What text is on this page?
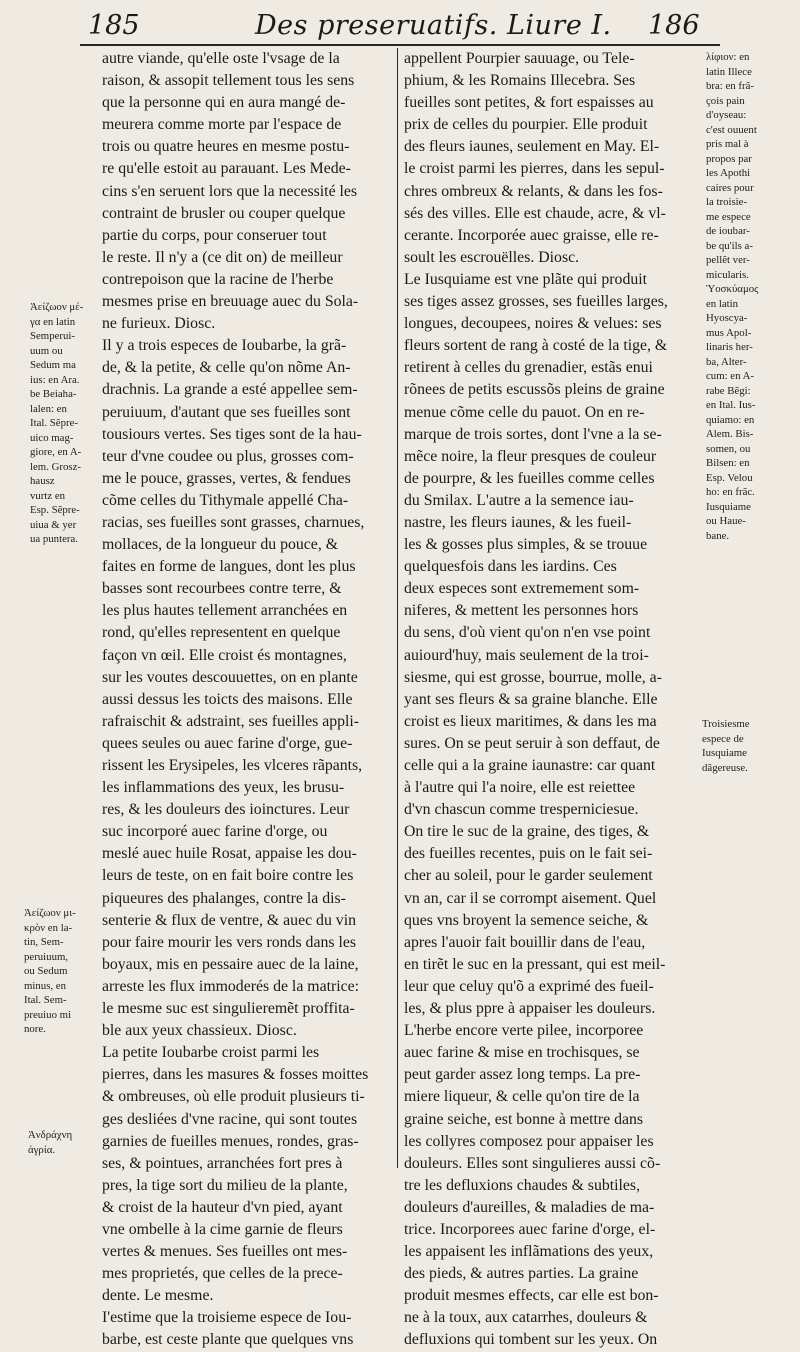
185	Des preseruatifs. Liure I. 186
Ἀείζωον μέ-
γα en latin
Semperui-
uum ou
Sedum ma
ius: en Ara.
be Beiaha-
lalen: en
Ital. Sẽpre-
uico mag-
giore, en A-
lem. Grosz-
hausz
vurtz en
Esp. Sẽpre-
uiua & yer
ua puntera.
Ἀείζωον μι-
κρὸν en la-
tin, Sem-
peruiuum,
ou Sedum
minus, en
Ital. Sem-
preuiuo mi
nore.
Ἀνδράχνη
ἀγρία.
autre viande, qu'elle oste l'vsage de la
raison, & assopit tellement tous les sens
que la personne qui en aura mangé de-
meurera comme morte par l'espace de
trois ou quatre heures en mesme postu-
re qu'elle estoit au parauant. Les Mede-
cins s'en seruent lors que la necessité les
contraint de brusler ou couper quelque
partie du corps, pour conseruer tout
le reste. Il n'y a (ce dit on) de meilleur
contrepoison que la racine de l'herbe
mesmes prise en breuuage auec du Sola-
ne furieux. Diosc.
Il y a trois especes de Ioubarbe, la grã-
de, & la petite, & celle qu'on nõme An-
drachnis. La grande a esté appellee sem-
peruiuum, d'autant que ses fueilles sont
tousiours vertes. Ses tiges sont de la hau-
teur d'vne coudee ou plus, grosses com-
me le pouce, grasses, vertes, & fendues
cõme celles du Tithymale appellé Cha-
racias, ses fueilles sont grasses, charnues,
mollaces, de la longueur du pouce, &
faites en forme de langues, dont les plus
basses sont recourbees contre terre, &
les plus hautes tellement arranchées en
rond, qu'elles representent en quelque
façon vn œil. Elle croist és montagnes,
sur les voutes descouuettes, on en plante
aussi dessus les toicts des maisons. Elle
rafraischit & adstraint, ses fueilles appli-
quees seules ou auec farine d'orge, gue-
rissent les Erysipeles, les vlceres rãpants,
les inflammations des yeux, les brusu-
res, & les douleurs des ioinctures. Leur
suc incorporé auec farine d'orge, ou
meslé auec huile Rosat, appaise les dou-
leurs de teste, on en fait boire contre les
piqueures des phalanges, contre la dis-
senterie & flux de ventre, & auec du vin
pour faire mourir les vers ronds dans les
boyaux, mis en pessaire auec de la laine,
arreste les flux immoderés de la matrice:
le mesme suc est singulieremẽt proffita-
ble aux yeux chassieux. Diosc.
La petite Ioubarbe croist parmi les
pierres, dans les masures & fosses moittes
& ombreuses, où elle produit plusieurs ti-
ges desliées d'vne racine, qui sont toutes
garnies de fueilles menues, rondes, gras-
ses, & pointues, arranchées fort pres à
pres, la tige sort du milieu de la plante,
& croist de la hauteur d'vn pied, ayant
vne ombelle à la cime garnie de fleurs
vertes & menues. Ses fueilles ont mes-
mes proprietés, que celles de la prece-
dente. Le mesme.
I'estime que la troisieme espece de Iou-
barbe, est ceste plante que quelques vns
appellent Pourpier sauuage, ou Tele-
phium, & les Romains Illecebra. Ses
fueilles sont petites, & fort espaisses au
prix de celles du pourpier. Elle produit
des fleurs iaunes, seulement en May. El-
le croist parmi les pierres, dans les sepul-
chres ombreux & relants, & dans les fos-
sés des villes. Elle est chaude, acre, & vl-
cerante. Incorporée auec graisse, elle re-
soult les escrouëlles. Diosc.
Le Iusquiame est vne plãte qui produit
ses tiges assez grosses, ses fueilles larges,
longues, decoupees, noires & velues: ses
fleurs sortent de rang à costé de la tige, &
retirent à celles du grenadier, estãs enui
rõnees de petits escussõs pleins de graine
menue cõme celle du pauot. On en re-
marque de trois sortes, dont l'vne a la se-
mẽce noire, la fleur presques de couleur
de pourpre, & les fueilles comme celles
du Smilax. L'autre a la semence iau-
nastre, les fleurs iaunes, & les fueil-
les & gosses plus simples, & se trouue
quelquesfois dans les iardins. Ces
deux especes sont extremement som-
niferes, & mettent les personnes hors
du sens, d'où vient qu'on n'en vse point
auiourd'huy, mais seulement de la troi-
siesme, qui est grosse, bourrue, molle, a-
yant ses fleurs & sa graine blanche. Elle
croist es lieux maritimes, & dans les ma
sures. On se peut seruir à son deffaut, de
celle qui a la graine iaunastre: car quant
à l'autre qui l'a noire, elle est reiettee
d'vn chascun comme tresperniciesue.
On tire le suc de la graine, des tiges, &
des fueilles recentes, puis on le fait sei-
cher au soleil, pour le garder seulement
vn an, car il se corrompt aisement. Quel
ques vns broyent la semence seiche, &
apres l'auoir fait bouillir dans de l'eau,
en tirẽt le suc en la pressant, qui est meil-
leur que celuy qu'õ a exprimé des fueil-
les, & plus ppre à appaiser les douleurs.
L'herbe encore verte pilee, incorporee
auec farine & mise en trochisques, se
peut garder assez long temps. La pre-
miere liqueur, & celle qu'on tire de la
graine seiche, est bonne à mettre dans
les collyres composez pour appaiser les
douleurs. Elles sont singulieres aussi cõ-
tre les defluxions chaudes & subtiles,
douleurs d'aureilles, & maladies de ma-
trice. Incorporees auec farine d'orge, el-
les appaisent les inflãmations des yeux,
des pieds, & autres parties. La graine
produit mesmes effects, car elle est bon-
ne à la toux, aux catarrhes, douleurs &
defluxions qui tombent sur les yeux. On
λίφιον: en
latin Illece
bra: en frã-
çois pain
d'oyseau:
c'est ouuent
pris mal à
propos par
les Apothi
caires pour
la troisie-
me espece
de ioubar-
be qu'ils a-
pellẽt ver-
micularis.
Ὑοσκύαμος
en latin
Hyoscya-
mus Apol-
linaris her-
ba, Alter-
cum: en A-
rabe Bẽgi:
en Ital. Ius-
quiamo: en
Alem. Bis-
somen, ou
Bilsen: en
Esp. Velou
ho: en frãc.
Iusquiame
ou Haue-
bane.
Troisiesme
espece de
Iusquiame
dãgereuse.
